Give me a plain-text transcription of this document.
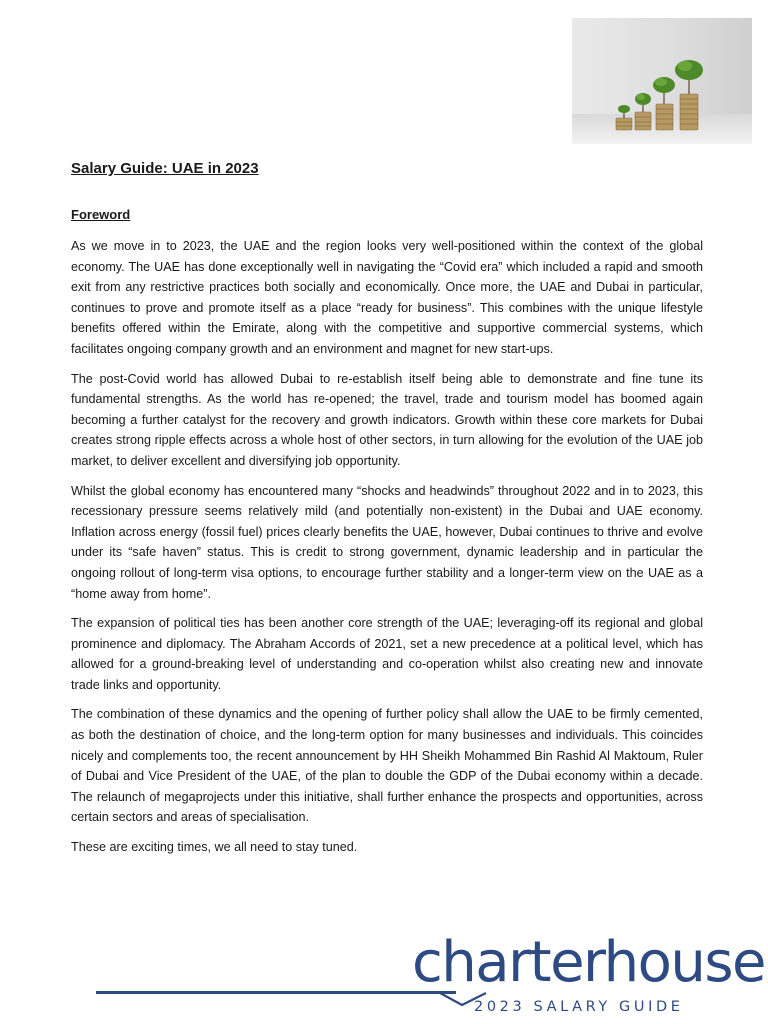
Salary Guide: UAE in 2023
Foreword

As we move in to 2023, the UAE and the region looks very well-positioned within the context of the global economy. The UAE has done exceptionally well in navigating the “Covid era” which included a rapid and smooth exit from any restrictive practices both socially and economically. Once more, the UAE and Dubai in particular, continues to prove and promote itself as a place “ready for business”. This combines with the unique lifestyle benefits offered within the Emirate, along with the competitive and supportive commercial systems, which facilitates ongoing company growth and an environment and magnet for new start-ups.

The post-Covid world has allowed Dubai to re-establish itself being able to demonstrate and fine tune its fundamental strengths. As the world has re-opened; the travel, trade and tourism model has boomed again becoming a further catalyst for the recovery and growth indicators. Growth within these core markets for Dubai creates strong ripple effects across a whole host of other sectors, in turn allowing for the evolution of the UAE job market, to deliver excellent and diversifying job opportunity.

Whilst the global economy has encountered many “shocks and headwinds” throughout 2022 and in to 2023, this recessionary pressure seems relatively mild (and potentially non-existent) in the Dubai and UAE economy. Inflation across energy (fossil fuel) prices clearly benefits the UAE, however, Dubai continues to thrive and evolve under its “safe haven” status. This is credit to strong government, dynamic leadership and in particular the ongoing rollout of long-term visa options, to encourage further stability and a longer-term view on the UAE as a “home away from home”.

The expansion of political ties has been another core strength of the UAE; leveraging-off its regional and global prominence and diplomacy. The Abraham Accords of 2021, set a new precedence at a political level, which has allowed for a ground-breaking level of understanding and co-operation whilst also creating new and innovate trade links and opportunity.

The combination of these dynamics and the opening of further policy shall allow the UAE to be firmly cemented, as both the destination of choice, and the long-term option for many businesses and individuals. This coincides nicely and complements too, the recent announcement by HH Sheikh Mohammed Bin Rashid Al Maktoum, Ruler of Dubai and Vice President of the UAE, of the plan to double the GDP of the Dubai economy within a decade. The relaunch of megaprojects under this initiative, shall further enhance the prospects and opportunities, across certain sectors and areas of specialisation.

These are exciting times, we all need to stay tuned.

charterhouse
2023 SALARY GUIDE
